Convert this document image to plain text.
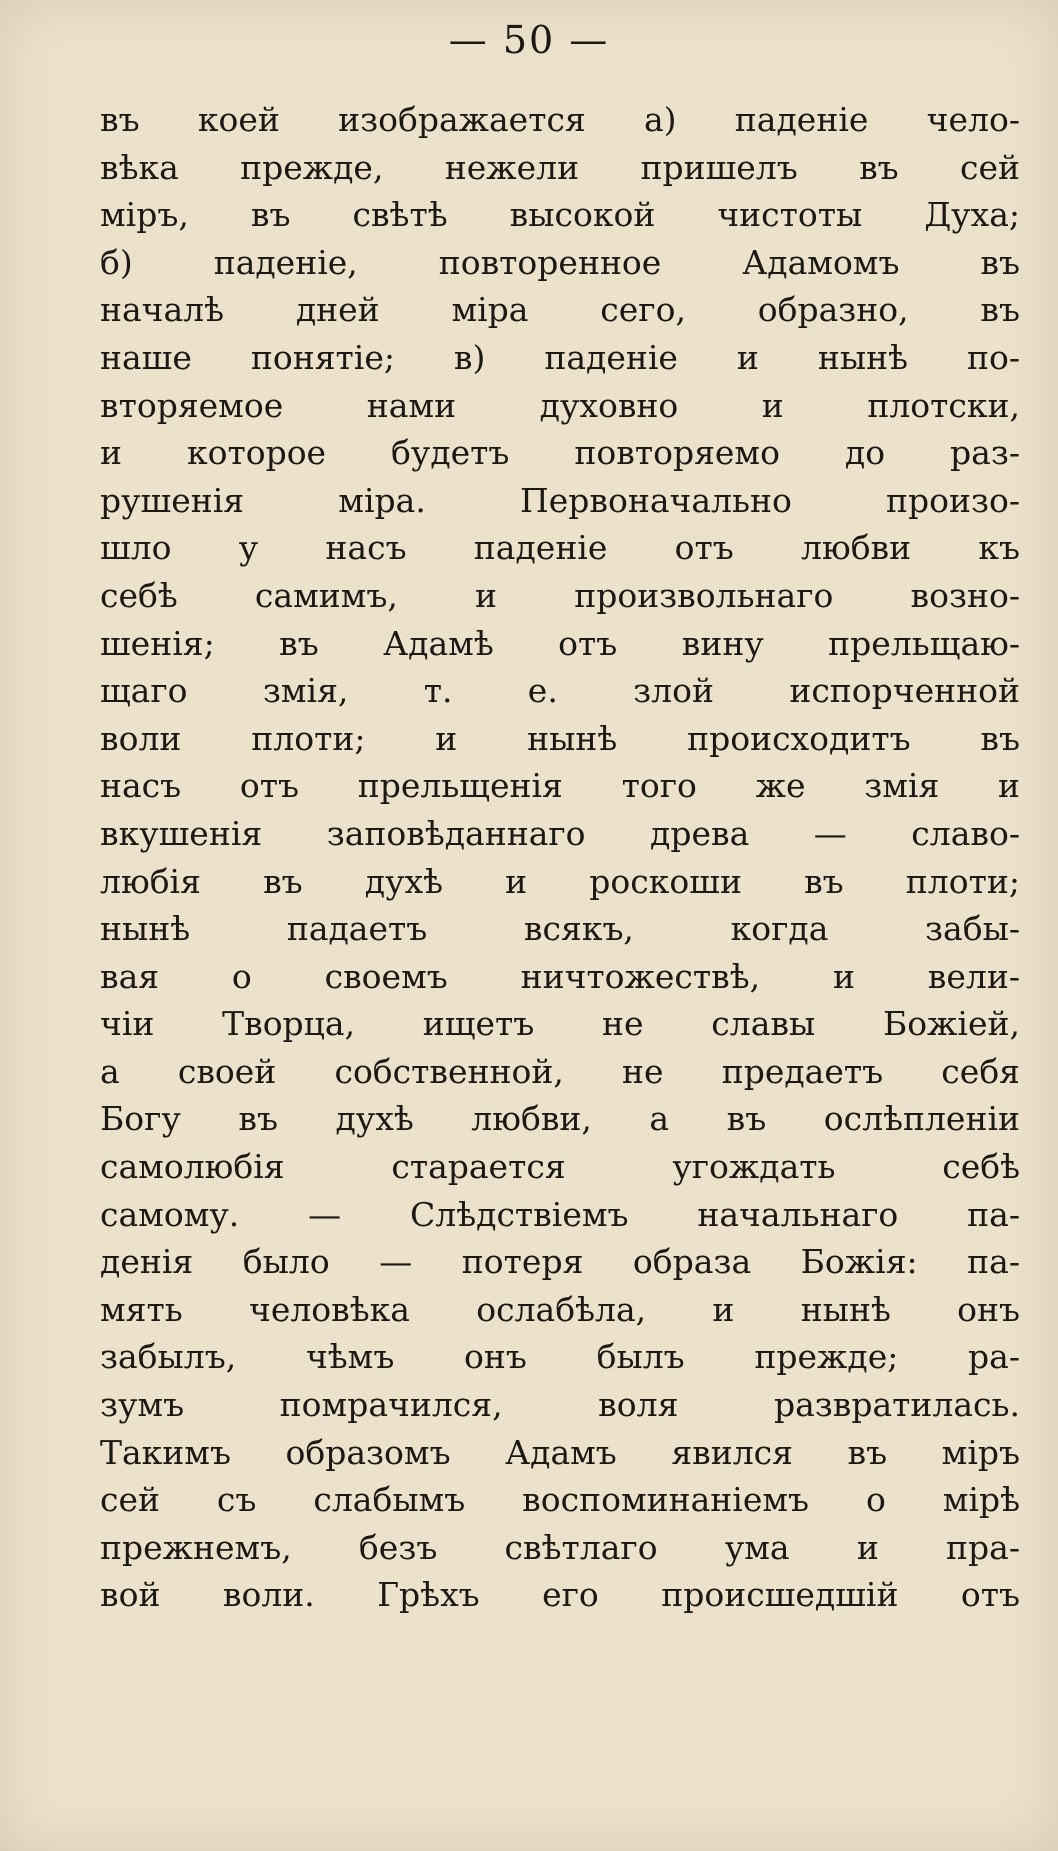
— 50 —
въ коей изображается а) паденіе чело-
вѣка прежде, нежели пришелъ въ сей
міръ, въ свѣтѣ высокой чистоты Духа;
б) паденіе, повторенное Адамомъ въ
началѣ дней міра сего, образно, въ
наше понятіе; в) паденіе и нынѣ по-
вторяемое нами духовно и плотски,
и которое будетъ повторяемо до раз-
рушенія міра. Первоначально произо-
шло у насъ паденіе отъ любви къ
себѣ самимъ, и произвольнаго возно-
шенія; въ Адамѣ отъ вину прельщаю-
щаго змія, т. е. злой испорченной
воли плоти; и нынѣ происходитъ въ
насъ отъ прельщенія того же змія и
вкушенія заповѣданнаго древа — славо-
любія въ духѣ и роскоши въ плоти;
нынѣ падаетъ всякъ, когда забы-
вая о своемъ ничтожествѣ, и вели-
чіи Творца, ищетъ не славы Божіей,
а своей собственной, не предаетъ себя
Богу въ духѣ любви, а въ ослѣпленіи
самолюбія старается угождать себѣ
самому. — Слѣдствіемъ начальнаго па-
денія было — потеря образа Божія: па-
мять человѣка ослабѣла, и нынѣ онъ
забылъ, чѣмъ онъ былъ прежде; ра-
зумъ помрачился, воля развратилась.
Такимъ образомъ Адамъ явился въ міръ
сей съ слабымъ воспоминаніемъ о мірѣ
прежнемъ, безъ свѣтлаго ума и пра-
вой воли. Грѣхъ его происшедшій отъ
